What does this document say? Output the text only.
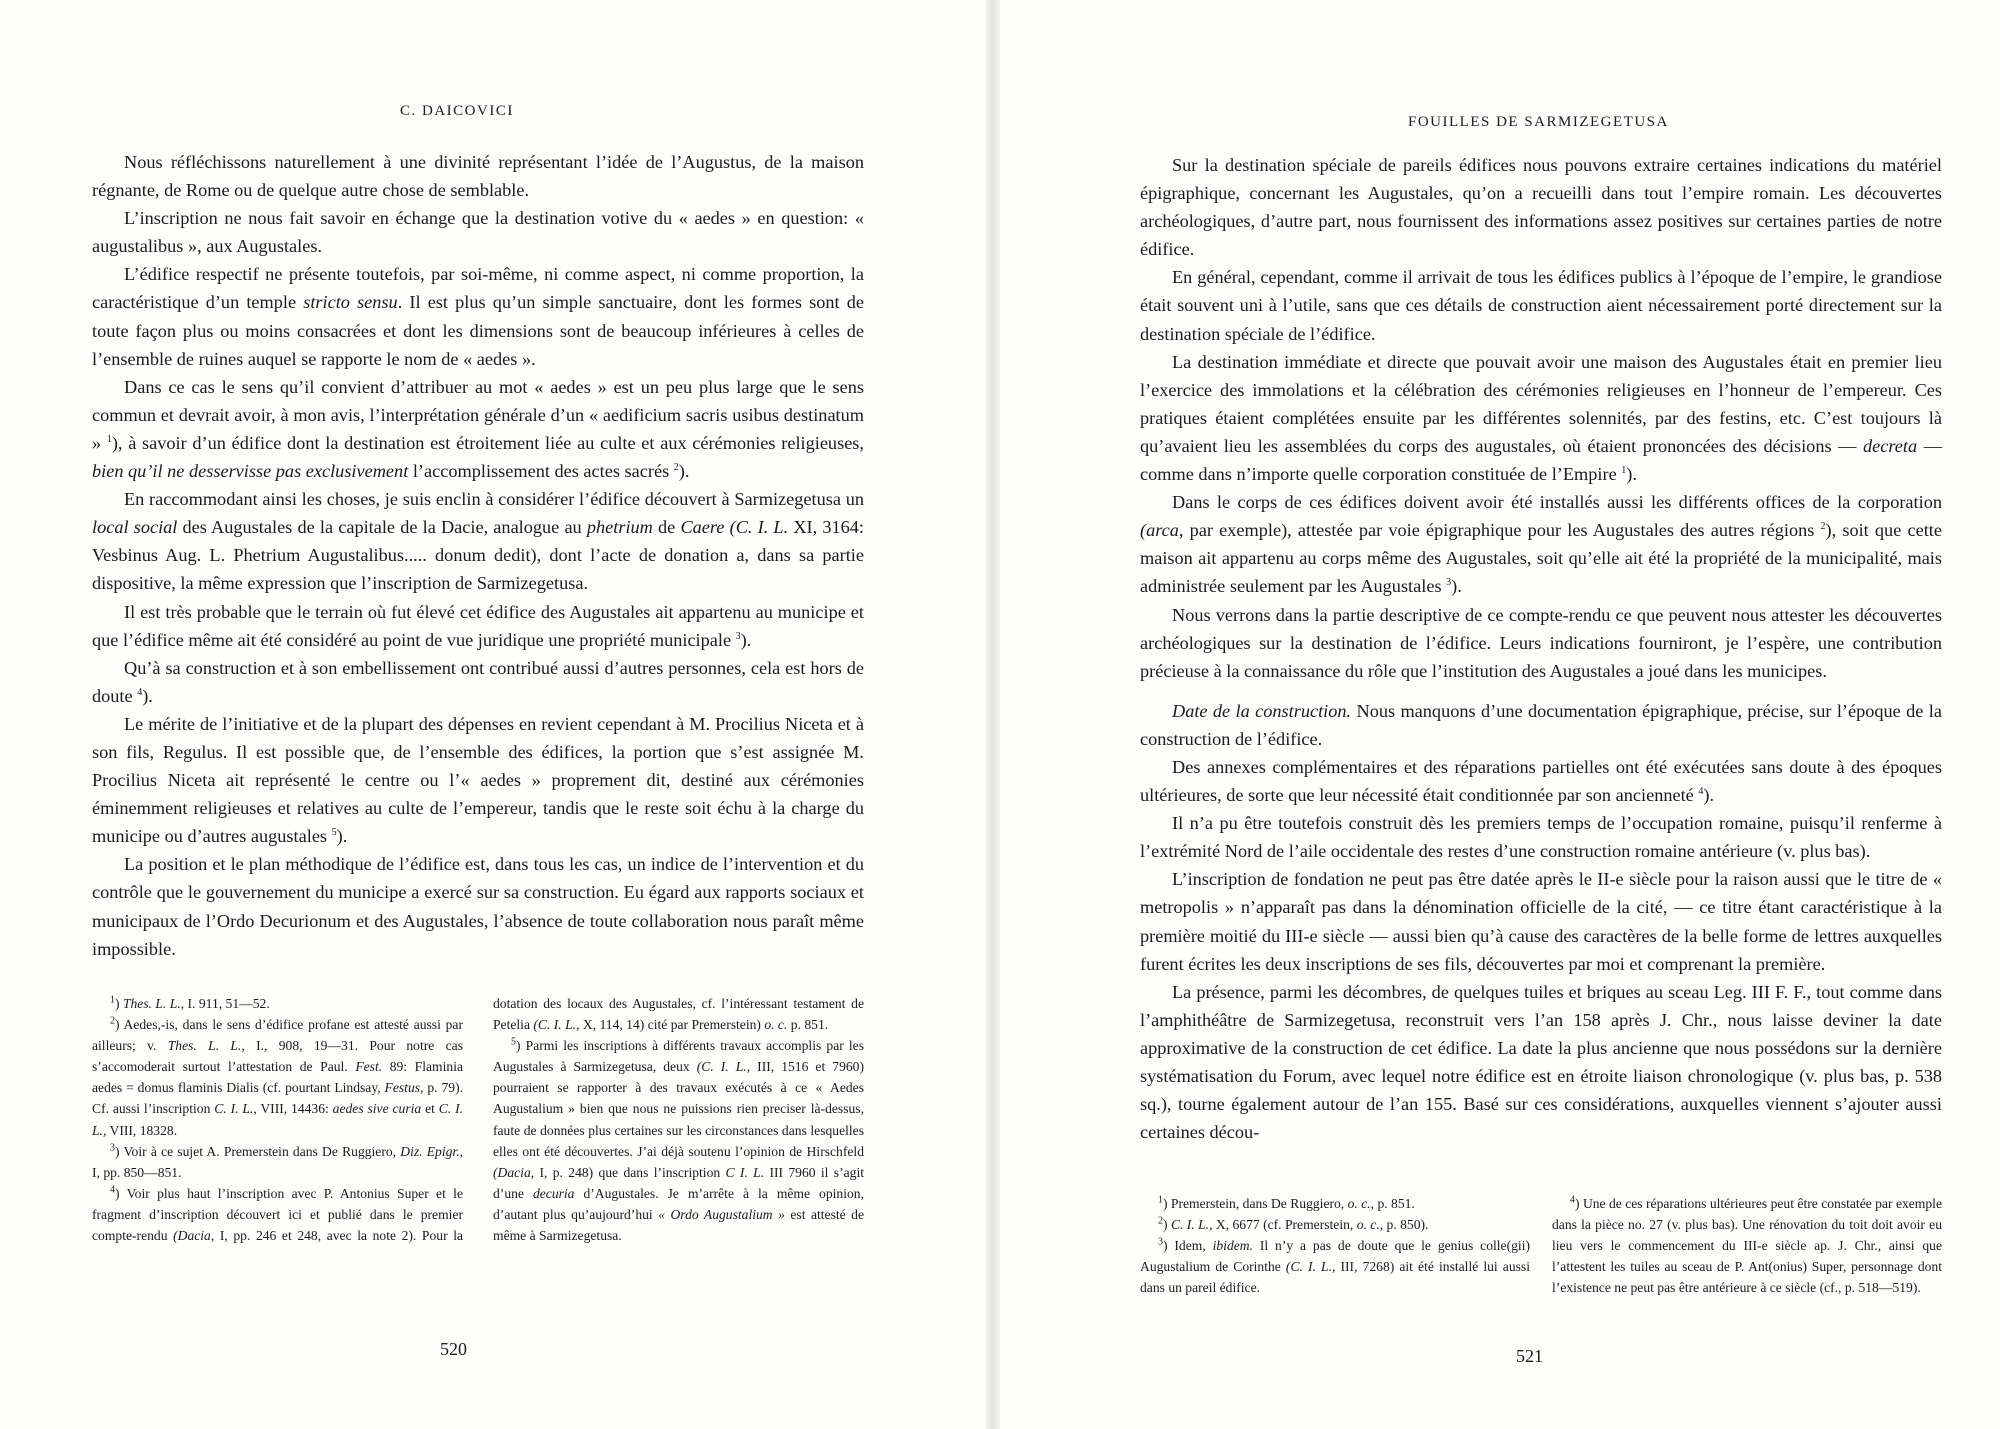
C. DAICOVICI

Nous réfléchissons naturellement à une divinité représentant l’idée de l’Augustus, de la maison régnante, de Rome ou de quelque autre chose de semblable.

L’inscription ne nous fait savoir en échange que la destination votive du « aedes » en question: « augustalibus », aux Augustales.

L’édifice respectif ne présente toutefois, par soi-même, ni comme aspect, ni comme proportion, la caractéristique d’un temple stricto sensu. Il est plus qu’un simple sanctuaire, dont les formes sont de toute façon plus ou moins consacrées et dont les dimensions sont de beaucoup inférieures à celles de l’ensemble de ruines auquel se rapporte le nom de « aedes ».

Dans ce cas le sens qu’il convient d’attribuer au mot « aedes » est un peu plus large que le sens commun et devrait avoir, à mon avis, l’interprétation générale d’un « aedificium sacris usibus destinatum » $^1$), à savoir d’un édifice dont la destination est étroitement liée au culte et aux cérémonies religieuses, bien qu’il ne desservisse pas exclusivement l’accomplissement des actes sacrés $^2$).

En raccommodant ainsi les choses, je suis enclin à considérer l’édifice découvert à Sarmizegetusa un local social des Augustales de la capitale de la Dacie, analogue au phetrium de Caere (C. I. L. XI, 3164: Vesbinus Aug. L. Phetrium Augustalibus..... donum dedit), dont l’acte de donation a, dans sa partie dispositive, la même expression que l’inscription de Sarmizegetusa.

Il est très probable que le terrain où fut élevé cet édifice des Augustales ait appartenu au municipe et que l’édifice même ait été considéré au point de vue juridique une propriété municipale $^3$).

Qu’à sa construction et à son embellissement ont contribué aussi d’autres personnes, cela est hors de doute $^4$).

Le mérite de l’initiative et de la plupart des dépenses en revient cependant à M. Procilius Niceta et à son fils, Regulus. Il est possible que, de l’ensemble des édifices, la portion que s’est assignée M. Procilius Niceta ait représenté le centre ou l’« aedes » proprement dit, destiné aux cérémonies éminemment religieuses et relatives au culte de l’empereur, tandis que le reste soit échu à la charge du municipe ou d’autres augustales $^5$).

La position et le plan méthodique de l’édifice est, dans tous les cas, un indice de l’intervention et du contrôle que le gouvernement du municipe a exercé sur sa construction. Eu égard aux rapports sociaux et municipaux de l’Ordo Decurionum et des Augustales, l’absence de toute collaboration nous paraît même impossible.

$^1$) Thes. L. L., I. 911, 51—52.

$^2$) Aedes,-is, dans le sens d’édifice profane est attesté aussi par ailleurs; v. Thes. L. L., I., 908, 19—31. Pour notre cas s’accomoderait surtout l’attestation de Paul. Fest. 89: Flaminia aedes = domus flaminis Dialis (cf. pourtant Lindsay, Festus, p. 79). Cf. aussi l’inscription C. I. L., VIII, 14436: aedes sive curia et C. I. L., VIII, 18328.

$^3$) Voir à ce sujet A. Premerstein dans De Ruggiero, Diz. Epigr., I, pp. 850—851.

$^4$) Voir plus haut l’inscription avec P. Antonius Super et le fragment d’inscription découvert ici et publié dans le premier compte-rendu (Dacia, I, pp. 246 et 248, avec la note 2). Pour la dotation des locaux des Augustales, cf. l’intéressant testament de Petelia (C. I. L., X, 114, 14) cité par Premerstein) o. c. p. 851.

$^5$) Parmi les inscriptions à différents travaux accomplis par les Augustales à Sarmizegetusa, deux (C. I. L., III, 1516 et 7960) pourraient se rapporter à des travaux exécutés à ce « Aedes Augustalium » bien que nous ne puissions rien preciser là-dessus, faute de données plus certaines sur les circonstances dans lesquelles elles ont été découvertes. J’ai déjà soutenu l’opinion de Hirschfeld (Dacia, I, p. 248) que dans l’inscription C I. L. III 7960 il s’agit d’une decuria d’Augustales. Je m’arrête à la même opinion, d’autant plus qu’aujourd’hui « Ordo Augustalium » est attesté de même à Sarmizegetusa.

520
FOUILLES DE SARMIZEGETUSA

Sur la destination spéciale de pareils édifices nous pouvons extraire certaines indications du matériel épigraphique, concernant les Augustales, qu’on a recueilli dans tout l’empire romain. Les découvertes archéologiques, d’autre part, nous fournissent des informations assez positives sur certaines parties de notre édifice.

En général, cependant, comme il arrivait de tous les édifices publics à l’époque de l’empire, le grandiose était souvent uni à l’utile, sans que ces détails de construction aient nécessairement porté directement sur la destination spéciale de l’édifice.

La destination immédiate et directe que pouvait avoir une maison des Augustales était en premier lieu l’exercice des immolations et la célébration des cérémonies religieuses en l’honneur de l’empereur. Ces pratiques étaient complétées ensuite par les différentes solennités, par des festins, etc. C’est toujours là qu’avaient lieu les assemblées du corps des augustales, où étaient prononcées des décisions — decreta — comme dans n’importe quelle corporation constituée de l’Empire $^1$).

Dans le corps de ces édifices doivent avoir été installés aussi les différents offices de la corporation (arca, par exemple), attestée par voie épigraphique pour les Augustales des autres régions $^2$), soit que cette maison ait appartenu au corps même des Augustales, soit qu’elle ait été la propriété de la municipalité, mais administrée seulement par les Augustales $^3$).

Nous verrons dans la partie descriptive de ce compte-rendu ce que peuvent nous attester les découvertes archéologiques sur la destination de l’édifice. Leurs indications fourniront, je l’espère, une contribution précieuse à la connaissance du rôle que l’institution des Augustales a joué dans les municipes.

Date de la construction. Nous manquons d’une documentation épigraphique, précise, sur l’époque de la construction de l’édifice.

Des annexes complémentaires et des réparations partielles ont été exécutées sans doute à des époques ultérieures, de sorte que leur nécessité était conditionnée par son ancienneté $^4$).

Il n’a pu être toutefois construit dès les premiers temps de l’occupation romaine, puisqu’il renferme à l’extrémité Nord de l’aile occidentale des restes d’une construction romaine antérieure (v. plus bas).

L’inscription de fondation ne peut pas être datée après le II-e siècle pour la raison aussi que le titre de « metropolis » n’apparaît pas dans la dénomination officielle de la cité, — ce titre étant caractéristique à la première moitié du III-e siècle — aussi bien qu’à cause des caractères de la belle forme de lettres auxquelles furent écrites les deux inscriptions de ses fils, découvertes par moi et comprenant la première.

La présence, parmi les décombres, de quelques tuiles et briques au sceau Leg. III F. F., tout comme dans l’amphithéâtre de Sarmizegetusa, reconstruit vers l’an 158 après J. Chr., nous laisse deviner la date approximative de la construction de cet édifice. La date la plus ancienne que nous possédons sur la dernière systématisation du Forum, avec lequel notre édifice est en étroite liaison chronologique (v. plus bas, p. 538 sq.), tourne également autour de l’an 155. Basé sur ces considérations, auxquelles viennent s’ajouter aussi certaines décou-

$^1$) Premerstein, dans De Ruggiero, o. c., p. 851.

$^2$) C. I. L., X, 6677 (cf. Premerstein, o. c., p. 850).

$^3$) Idem, ibidem. Il n’y a pas de doute que le genius colle(gii) Augustalium de Corinthe (C. I. L., III, 7268) ait été installé lui aussi dans un pareil édifice.

$^4$) Une de ces réparations ultérieures peut être constatée par exemple dans la pièce no. 27 (v. plus bas). Une rénovation du toit doit avoir eu lieu vers le commencement du III-e siècle ap. J. Chr., ainsi que l’attestent les tuiles au sceau de P. Ant(onius) Super, personnage dont l’existence ne peut pas être antérieure à ce siècle (cf., p. 518—519).

521
